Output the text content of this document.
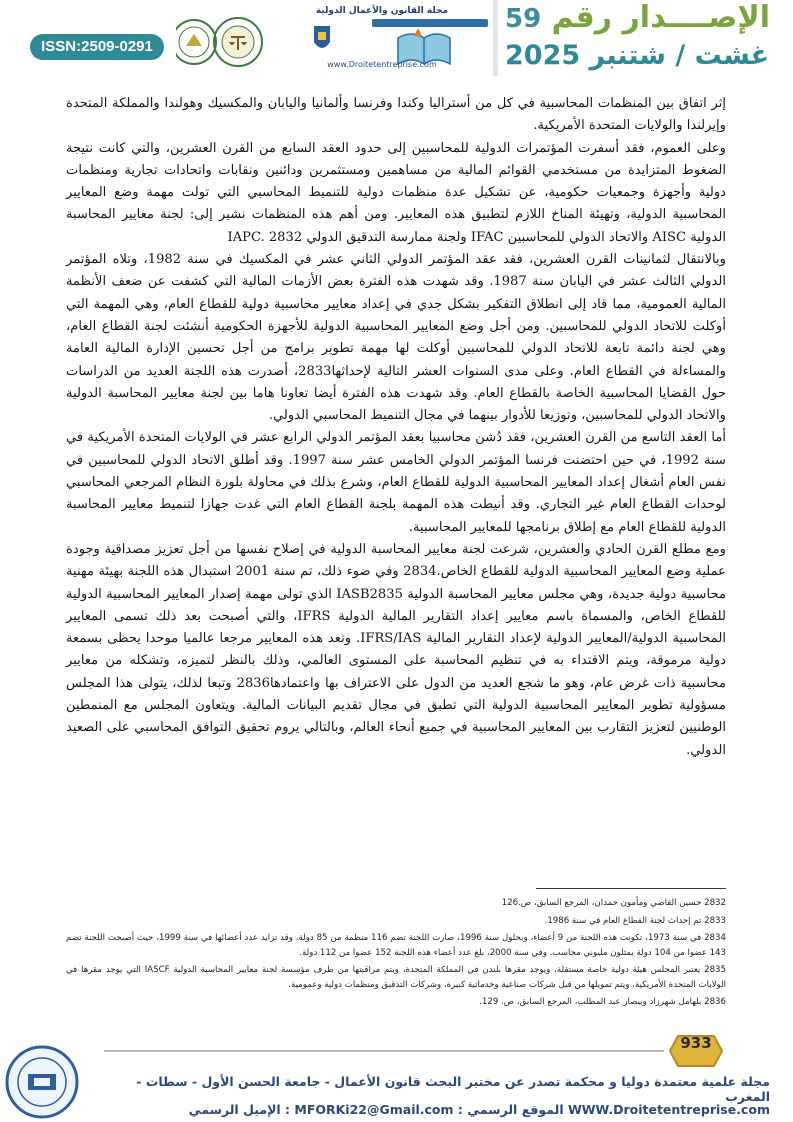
ISSN:2509-0291
مجلة القانون والأعمال الدولية
www.Droitetentreprise.com
الإصــــدار رقم 59
غشت / شتنبر 2025

إثر اتفاق بين المنظمات المحاسبية في كل من أستراليا وكندا وفرنسا وألمانيا واليابان والمكسيك وهولندا والمملكة المتحدة وإيرلندا والولايات المتحدة الأمريكية.

وعلى العموم، فقد أسفرت المؤتمرات الدولية للمحاسبين إلى حدود العقد السابع من القرن العشرين، والتي كانت نتيجة الضغوط المتزايدة من مستخدمي القوائم المالية من مساهمين ومستثمرين ودائنين ونقابات واتحادات تجارية ومنظمات دولية وأجهزة وجمعيات حكومية، عن تشكيل عدة منظمات دولية للتنميط المحاسبي التي تولت مهمة وضع المعايير المحاسبية الدولية، وتهيئة المناخ اللازم لتطبيق هذه المعايير. ومن أهم هذه المنظمات نشير إلى: لجنة معايير المحاسبة الدولية AISC والاتحاد الدولي للمحاسبين IFAC ولجنة ممارسة التدقيق الدولي IAPC. 2832

وبالانتقال لثمانينات القرن العشرين، فقد عقد المؤتمر الدولي الثاني عشر في المكسيك في سنة 1982، وتلاه المؤتمر الدولي الثالث عشر في اليابان سنة 1987. وقد شهدت هذه الفترة بعض الأزمات المالية التي كشفت عن ضعف الأنظمة المالية العمومية، مما قاد إلى انطلاق التفكير بشكل جدي في إعداد معايير محاسبية دولية للقطاع العام، وهي المهمة التي أوكلت للاتحاد الدولي للمحاسبين. ومن أجل وضع المعايير المحاسبية الدولية للأجهزة الحكومية أنشئت لجنة القطاع العام، وهي لجنة دائمة تابعة للاتحاد الدولي للمحاسبين أوكلت لها مهمة تطوير برامج من أجل تحسين الإدارة المالية العامة والمساءلة في القطاع العام. وعلى مدى السنوات العشر التالية لإحداثها2833، أصدرت هذه اللجنة العديد من الدراسات حول القضايا المحاسبية الخاصة بالقطاع العام. وقد شهدت هذه الفترة أيضا تعاونا هاما بين لجنة معايير المحاسبة الدولية والاتحاد الدولي للمحاسبين، وتوزيعا للأدوار بينهما في مجال التنميط المحاسبي الدولي.

أما العقد التاسع من القرن العشرين، فقد دُشن محاسبيا بعقد المؤتمر الدولي الرابع عشر في الولايات المتحدة الأمريكية في سنة 1992، في حين احتضنت فرنسا المؤتمر الدولي الخامس عشر سنة 1997. وقد أطلق الاتحاد الدولي للمحاسبين في نفس العام أشغال إعداد المعايير المحاسبية الدولية للقطاع العام، وشرع بذلك في محاولة بلورة النظام المرجعي المحاسبي لوحدات القطاع العام غير التجاري. وقد أنيطت هذه المهمة بلجنة القطاع العام التي غدت جهازا لتنميط معايير المحاسبة الدولية للقطاع العام مع إطلاق برنامجها للمعايير المحاسبية.

ومع مطلع القرن الحادي والعشرين، شرعت لجنة معايير المحاسبة الدولية في إصلاح نفسها من أجل تعزيز مصداقية وجودة عملية وضع المعايير المحاسبية الدولية للقطاع الخاص.2834 وفي ضوء ذلك، تم سنة 2001 استبدال هذه اللجنة بهيئة مهنية محاسبية دولية جديدة، وهي مجلس معايير المحاسبة الدولية IASB2835 الذي تولى مهمة إصدار المعايير المحاسبية الدولية للقطاع الخاص، والمسماة باسم معايير إعداد التقارير المالية الدولية IFRS، والتي أصبحت بعد ذلك تسمى المعايير المحاسبية الدولية/المعايير الدولية لإعداد التقارير المالية IFRS/IAS. وتعد هذه المعايير مرجعا عالميا موحدا يحظى بسمعة دولية مرموقة، ويتم الاقتداء به في تنظيم المحاسبة على المستوى العالمي، وذلك بالنظر لتميزه، وتشكله من معايير محاسبية ذات غرض عام، وهو ما شجع العديد من الدول على الاعتراف بها واعتمادها2836 وتبعا لذلك، يتولى هذا المجلس مسؤولية تطوير المعايير المحاسبية الدولية التي تطبق في مجال تقديم البيانات المالية. ويتعاون المجلس مع المنمطين الوطنيين لتعزيز التقارب بين المعايير المحاسبية في جميع أنحاء العالم، وبالتالي يروم تحقيق التوافق المحاسبي على الصعيد الدولي.

2832 حسين القاضي ومأمون حمدان، المرجع السابق، ص.126
2833 تم إحداث لجنة القطاع العام في سنة 1986.
2834 في سنة 1973، تكونت هذه اللجنة من 9 أعضاء، وبحلول سنة 1996، صارت اللجنة تضم 116 منظمة من 85 دولة. وقد تزايد عدد أعضائها في سنة 1999، حيث أصبحت اللجنة تضم 143 عضوا من 104 دولة يمثلون مليوني محاسب. وفي سنة 2000، بلغ عدد أعضاء هذه اللجنة 152 عضوا من 112 دولة.
2835 يعتبر المجلس هيئة دولية خاصة مستقلة، ويوجد مقرها بلندن في المملكة المتحدة، ويتم مراقبتها من طرف مؤسسة لجنة معايير المحاسبة الدولية IASCF التي يوجد مقرها في الولايات المتحدة الأمريكية، ويتم تمويلها من قبل شركات صناعية وخدماتية كبيرة، وشركات التدقيق ومنظمات دولية وعمومية.
2836 بلهامل شهرزاد وبيصار عبد المطلب، المرجع السابق، ص. 129.
933
مجلة علمية معتمدة دوليا و محكمة تصدر عن مختبر البحث قانون الأعمال - جامعة الحسن الأول - سطات - المغرب
الإميل الرسمي : MFORKi22@Gmail.com : الموقع الرسمي WWW.Droitetentreprise.com
